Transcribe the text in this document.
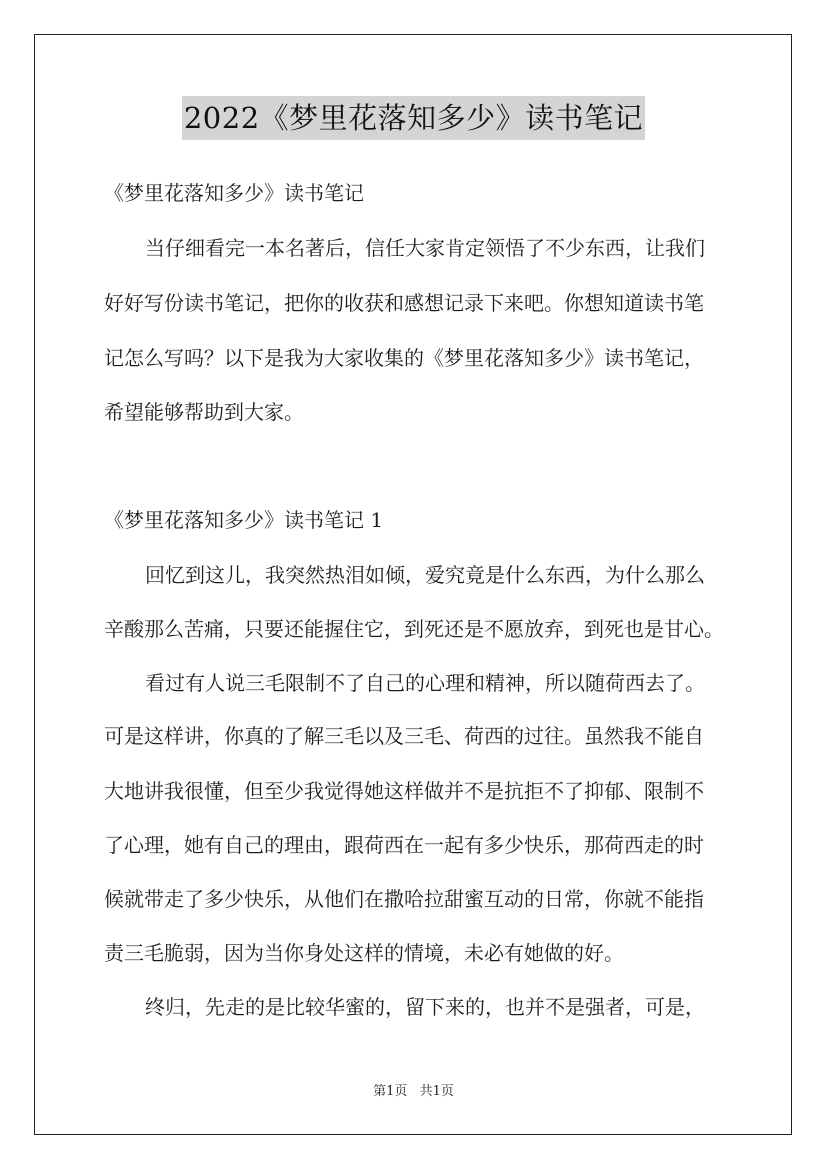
2022《梦里花落知多少》读书笔记
《梦里花落知多少》读书笔记
当仔细看完一本名著后，信任大家肯定领悟了不少东西，让我们
好好写份读书笔记，把你的收获和感想记录下来吧。你想知道读书笔
记怎么写吗？以下是我为大家收集的《梦里花落知多少》读书笔记，
希望能够帮助到大家。
《梦里花落知多少》读书笔记 1
回忆到这儿，我突然热泪如倾，爱究竟是什么东西，为什么那么
辛酸那么苦痛，只要还能握住它，到死还是不愿放弃，到死也是甘心。
看过有人说三毛限制不了自己的心理和精神，所以随荷西去了。
可是这样讲，你真的了解三毛以及三毛、荷西的过往。虽然我不能自
大地讲我很懂，但至少我觉得她这样做并不是抗拒不了抑郁、限制不
了心理，她有自己的理由，跟荷西在一起有多少快乐，那荷西走的时
候就带走了多少快乐，从他们在撒哈拉甜蜜互动的日常，你就不能指
责三毛脆弱，因为当你身处这样的情境，未必有她做的好。
终归，先走的是比较华蜜的，留下来的，也并不是强者，可是，
第1页 共1页
